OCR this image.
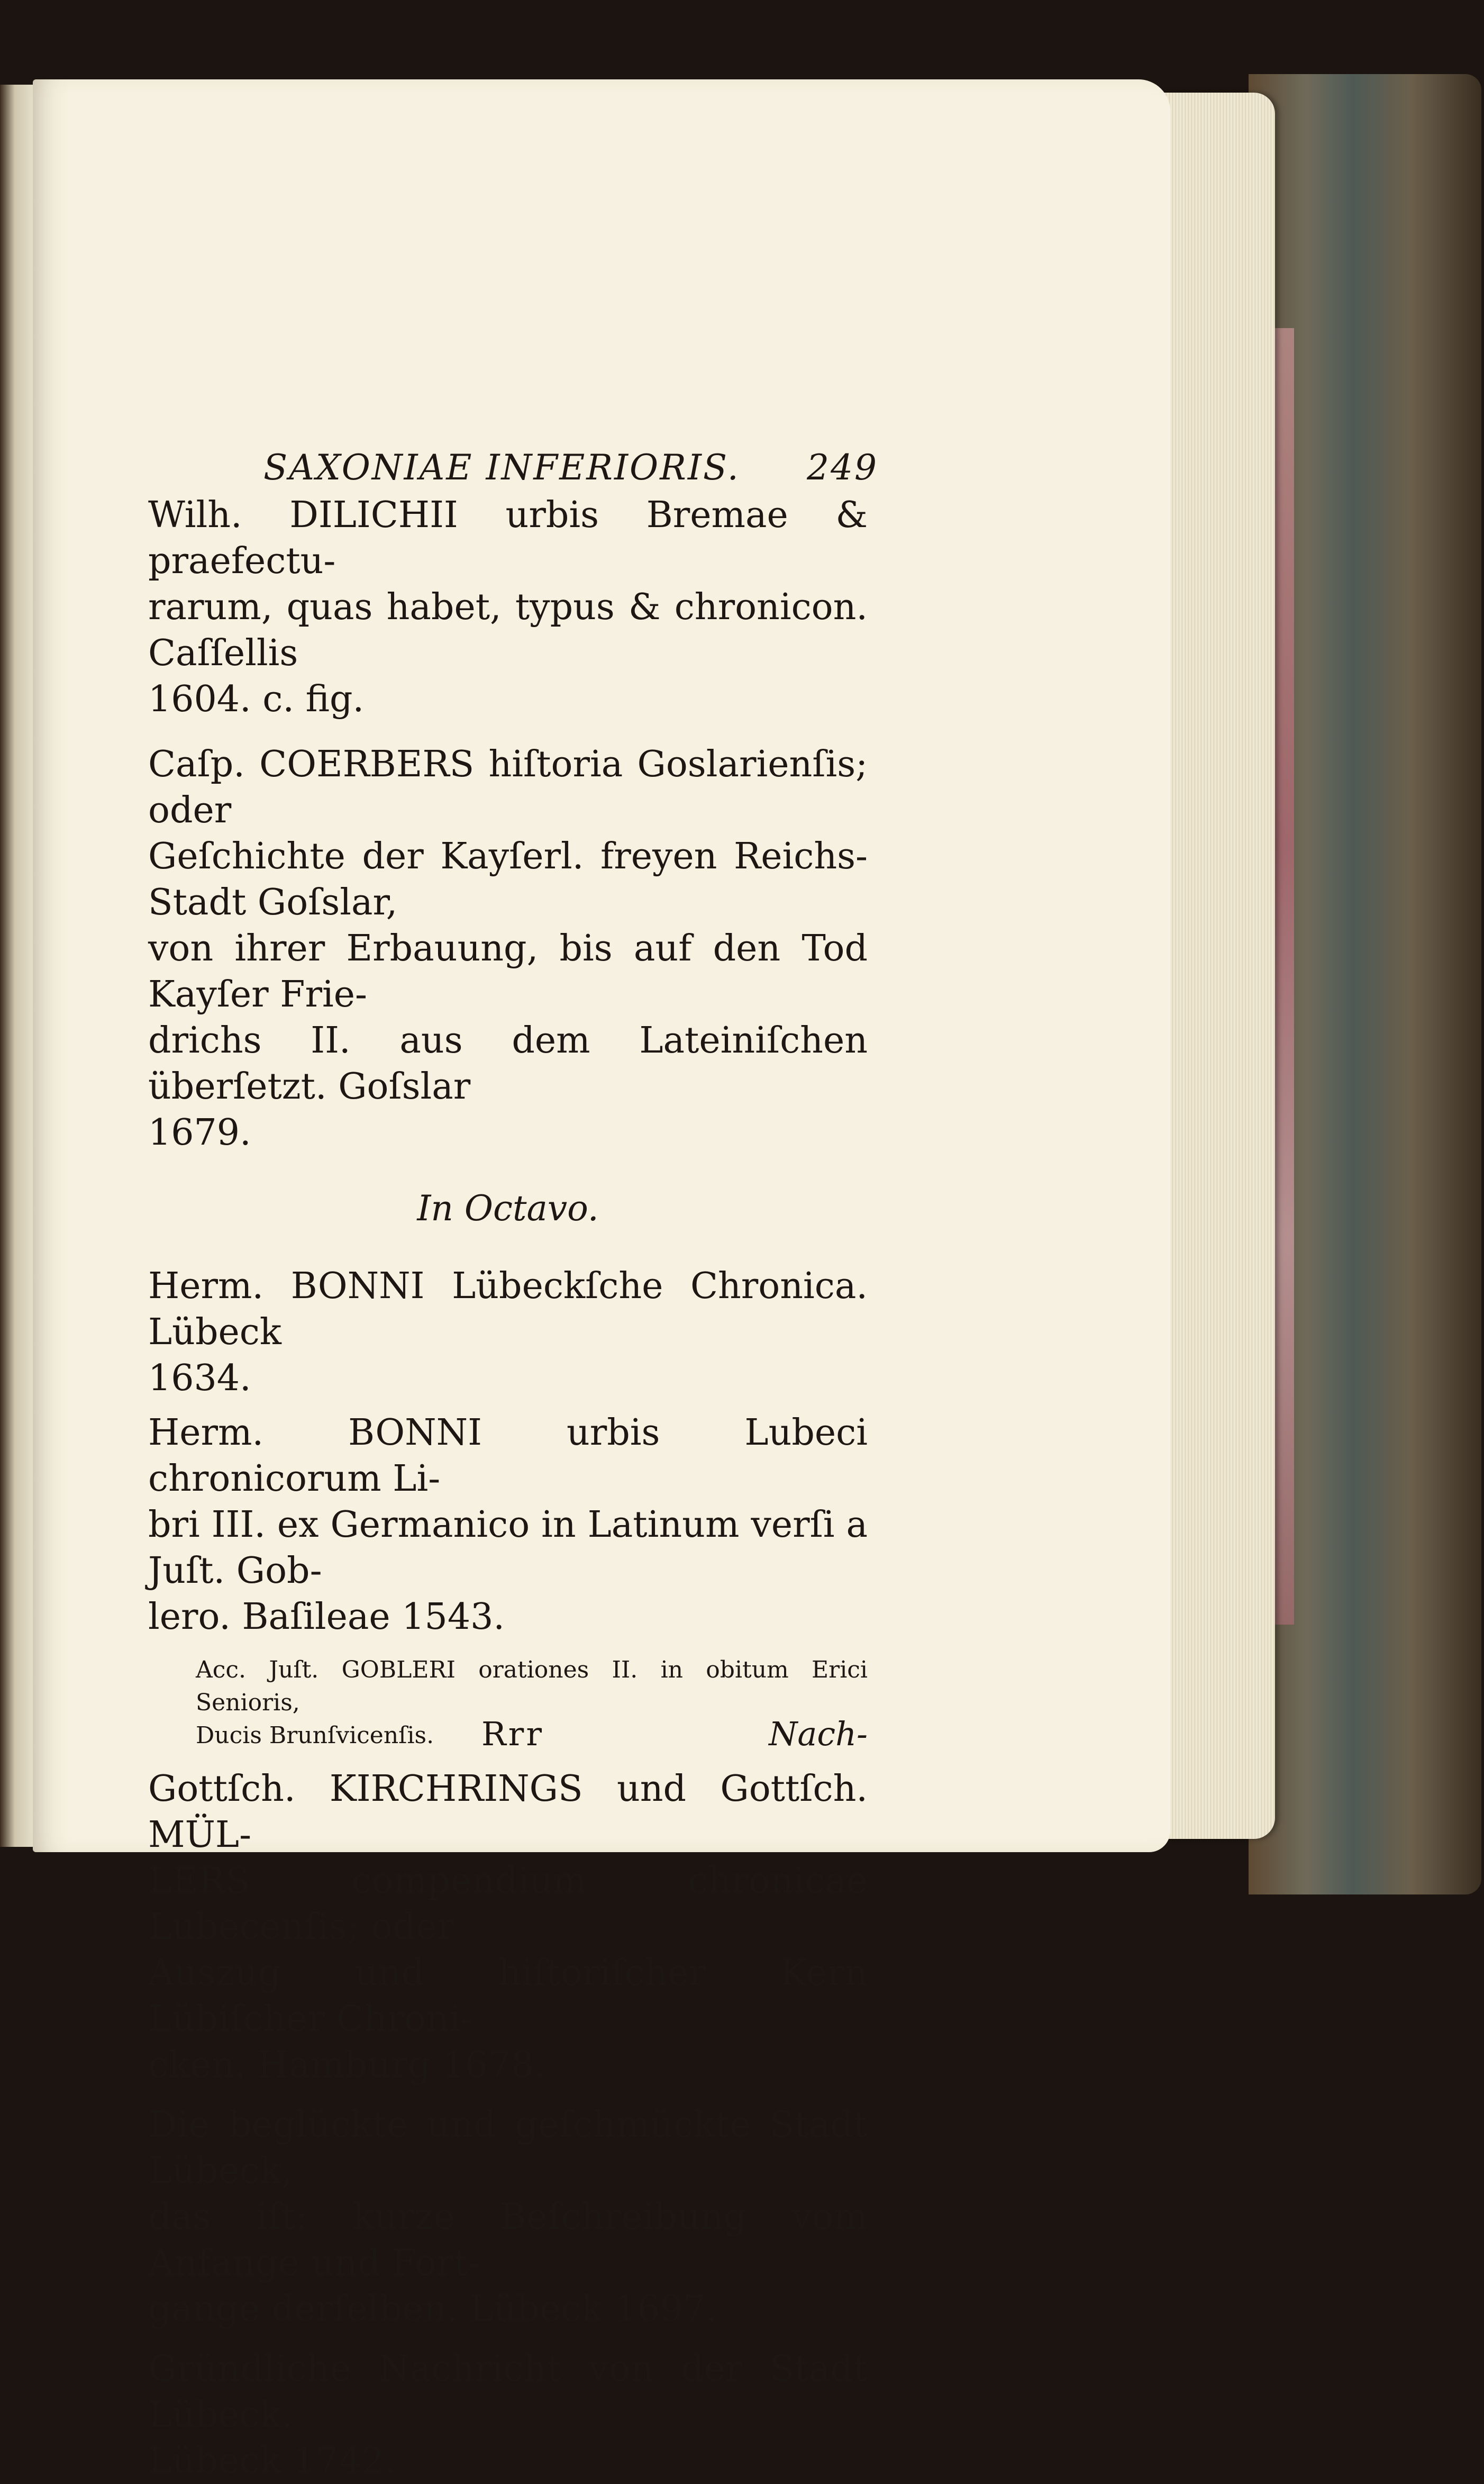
SAXONIAE INFERIORIS. 249

Wilh. DILICHII urbis Bremae & praefectu-

rarum, quas habet, typus & chronicon. Caſſellis

1604. c. fig.

Caſp. COERBERS hiſtoria Goslarienſis; oder

Geſchichte der Kayſerl. freyen Reichs-Stadt Goſslar,

von ihrer Erbauung, bis auf den Tod Kayſer Frie-

drichs II. aus dem Lateiniſchen überſetzt. Goſslar

1679.

In Octavo.

Herm. BONNI Lübeckſche Chronica. Lübeck

1634.

Herm. BONNI urbis Lubeci chronicorum Li-

bri III. ex Germanico in Latinum verſi a Juſt. Gob-

lero. Baſileae 1543.

Acc. Juſt. GOBLERI orationes II. in obitum Erici Senioris,
Ducis Brunſvicenſis.

Gottſch. KIRCHRINGS und Gottſch. MÜL-

LERS compendium chronicae Lubecenſis; oder

Auszug und hiſtoriſcher Kern Lübiſcher Chroni-

cken. Hamburg 1678.

Die beglückte und geſchmückte Stadt Lübeck,

das iſt: kurze Beſchreibung vom Anfange und Fort-

gange derſelben. Lübeck 1697.

Gründliche Nachricht von der Stadt Lübeck.

Lübeck 1742.

Rrr	Nach-
